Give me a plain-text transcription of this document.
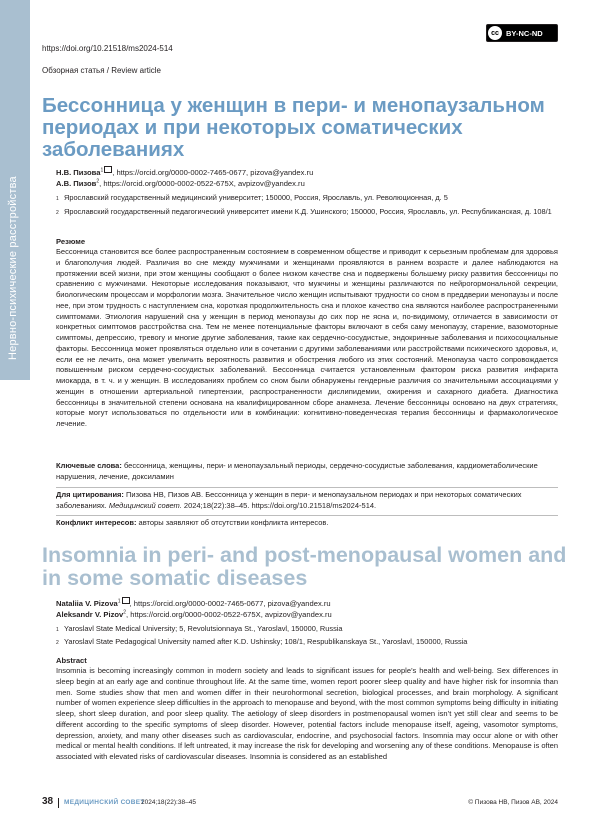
Нервно-психические расстройства
https://doi.org/10.21518/ms2024-514
Обзорная статья / Review article
cc BY-NC-ND
Бессонница у женщин в пери- и менопаузальном периодах и при некоторых соматических заболеваниях
Н.В. Пизова$^1$ , https://orcid.org/0000-0002-7465-0677, pizova@yandex.ru
А.В. Пизов$^2$, https://orcid.org/0000-0002-0522-675X, avpizov@yandex.ru
1 Ярославский государственный медицинский университет; 150000, Россия, Ярославль, ул. Революционная, д. 5
2 Ярославский государственный педагогический университет имени К.Д. Ушинского; 150000, Россия, Ярославль, ул. Республиканская, д. 108/1
Резюме

Бессонница становится все более распространенным состоянием в современном обществе и приводит к серьезным проблемам для здоровья и благополучия людей. Различия во сне между мужчинами и женщинами проявляются в раннем возрасте и далее наблюдаются на протяжении всей жизни, при этом женщины сообщают о более низком качестве сна и подвержены большему риску развития бессонницы по сравнению с мужчинами. Некоторые исследования показывают, что мужчины и женщины различаются по нейрогормональной секреции, биологическим процессам и морфологии мозга. Значительное число женщин испытывают трудности со сном в преддверии менопаузы и после нее, при этом трудность с наступлением сна, короткая продолжительность сна и плохое качество сна являются наиболее распространенными симптомами. Этиология нарушений сна у женщин в период менопаузы до сих пор не ясна и, по-видимому, отличается в зависимости от конкретных симптомов расстройства сна. Тем не менее потенциальные факторы включают в себя саму менопаузу, старение, вазомоторные симптомы, депрессию, тревогу и многие другие заболевания, такие как сердечно-сосудистые, эндокринные заболевания и психосоциальные факторы. Бессонница может проявляться отдельно или в сочетании с другими заболеваниями или расстройствами психического здоровья, и, если ее не лечить, она может увеличить вероятность развития и обострения любого из этих состояний. Менопауза часто сопровождается повышенным риском сердечно-сосудистых заболеваний. Бессонница считается установленным фактором риска развития инфаркта миокарда, в т. ч. и у женщин. В исследованиях проблем со сном были обнаружены гендерные различия со значительными ассоциациями у женщин в отношении артериальной гипертензии, распространенности дислипидемии, ожирения и сахарного диабета. Диагностика бессонницы в значительной степени основана на квалифицированном сборе анамнеза. Лечение бессонницы основано на двух стратегиях, которые могут использоваться по отдельности или в комбинации: когнитивно-поведенческая терапия бессонницы и фармакологическое лечение.

Ключевые слова: бессонница, женщины, пери- и менопаузальный периоды, сердечно-сосудистые заболевания, кардиометаболические нарушения, лечение, доксиламин
Для цитирования: Пизова НВ, Пизов АВ. Бессонница у женщин в пери- и менопаузальном периодах и при некоторых соматических заболеваниях. Медицинский совет. 2024;18(22):38–45. https://doi.org/10.21518/ms2024-514.
Конфликт интересов: авторы заявляют об отсутствии конфликта интересов.
Insomnia in peri- and post-menopausal women and in some somatic diseases
Nataliia V. Pizova$^1$ , https://orcid.org/0000-0002-7465-0677, pizova@yandex.ru
Aleksandr V. Pizov$^2$, https://orcid.org/0000-0002-0522-675X, avpizov@yandex.ru
1 Yaroslavl State Medical University; 5, Revolutsionnaya St., Yaroslavl, 150000, Russia
2 Yaroslavl State Pedagogical University named after K.D. Ushinsky; 108/1, Respublikanskaya St., Yaroslavl, 150000, Russia
Abstract

Insomnia is becoming increasingly common in modern society and leads to significant issues for people’s health and well-being. Sex differences in sleep begin at an early age and continue throughout life. At the same time, women report poorer sleep quality and have higher risk for insomnia than men. Some studies show that men and women differ in their neurohormonal secretion, biological processes, and brain morphology. A significant number of women experience sleep difficulties in the approach to menopause and beyond, with the most common symptoms being difficulty in initiating sleep, short sleep duration, and poor sleep quality. The aetiology of sleep disorders in postmenopausal women isn’t yet still clear and seems to be different according to the specific symptoms of sleep disorder. However, potential factors include menopause itself, ageing, vasomotor symptoms, depression, anxiety, and many other diseases such as cardiovascular, endocrine, and psychosocial factors. Insomnia may occur alone or with other medical or mental health conditions. If left untreated, it may increase the risk for developing and worsening any of these conditions. Menopause is often associated with elevated risks of cardiovascular diseases. Insomnia is considered as an established

38 МЕДИЦИНСКИЙ СОВЕТ
2024;18(22):38–45	© Пизова НВ, Пизов АВ, 2024
